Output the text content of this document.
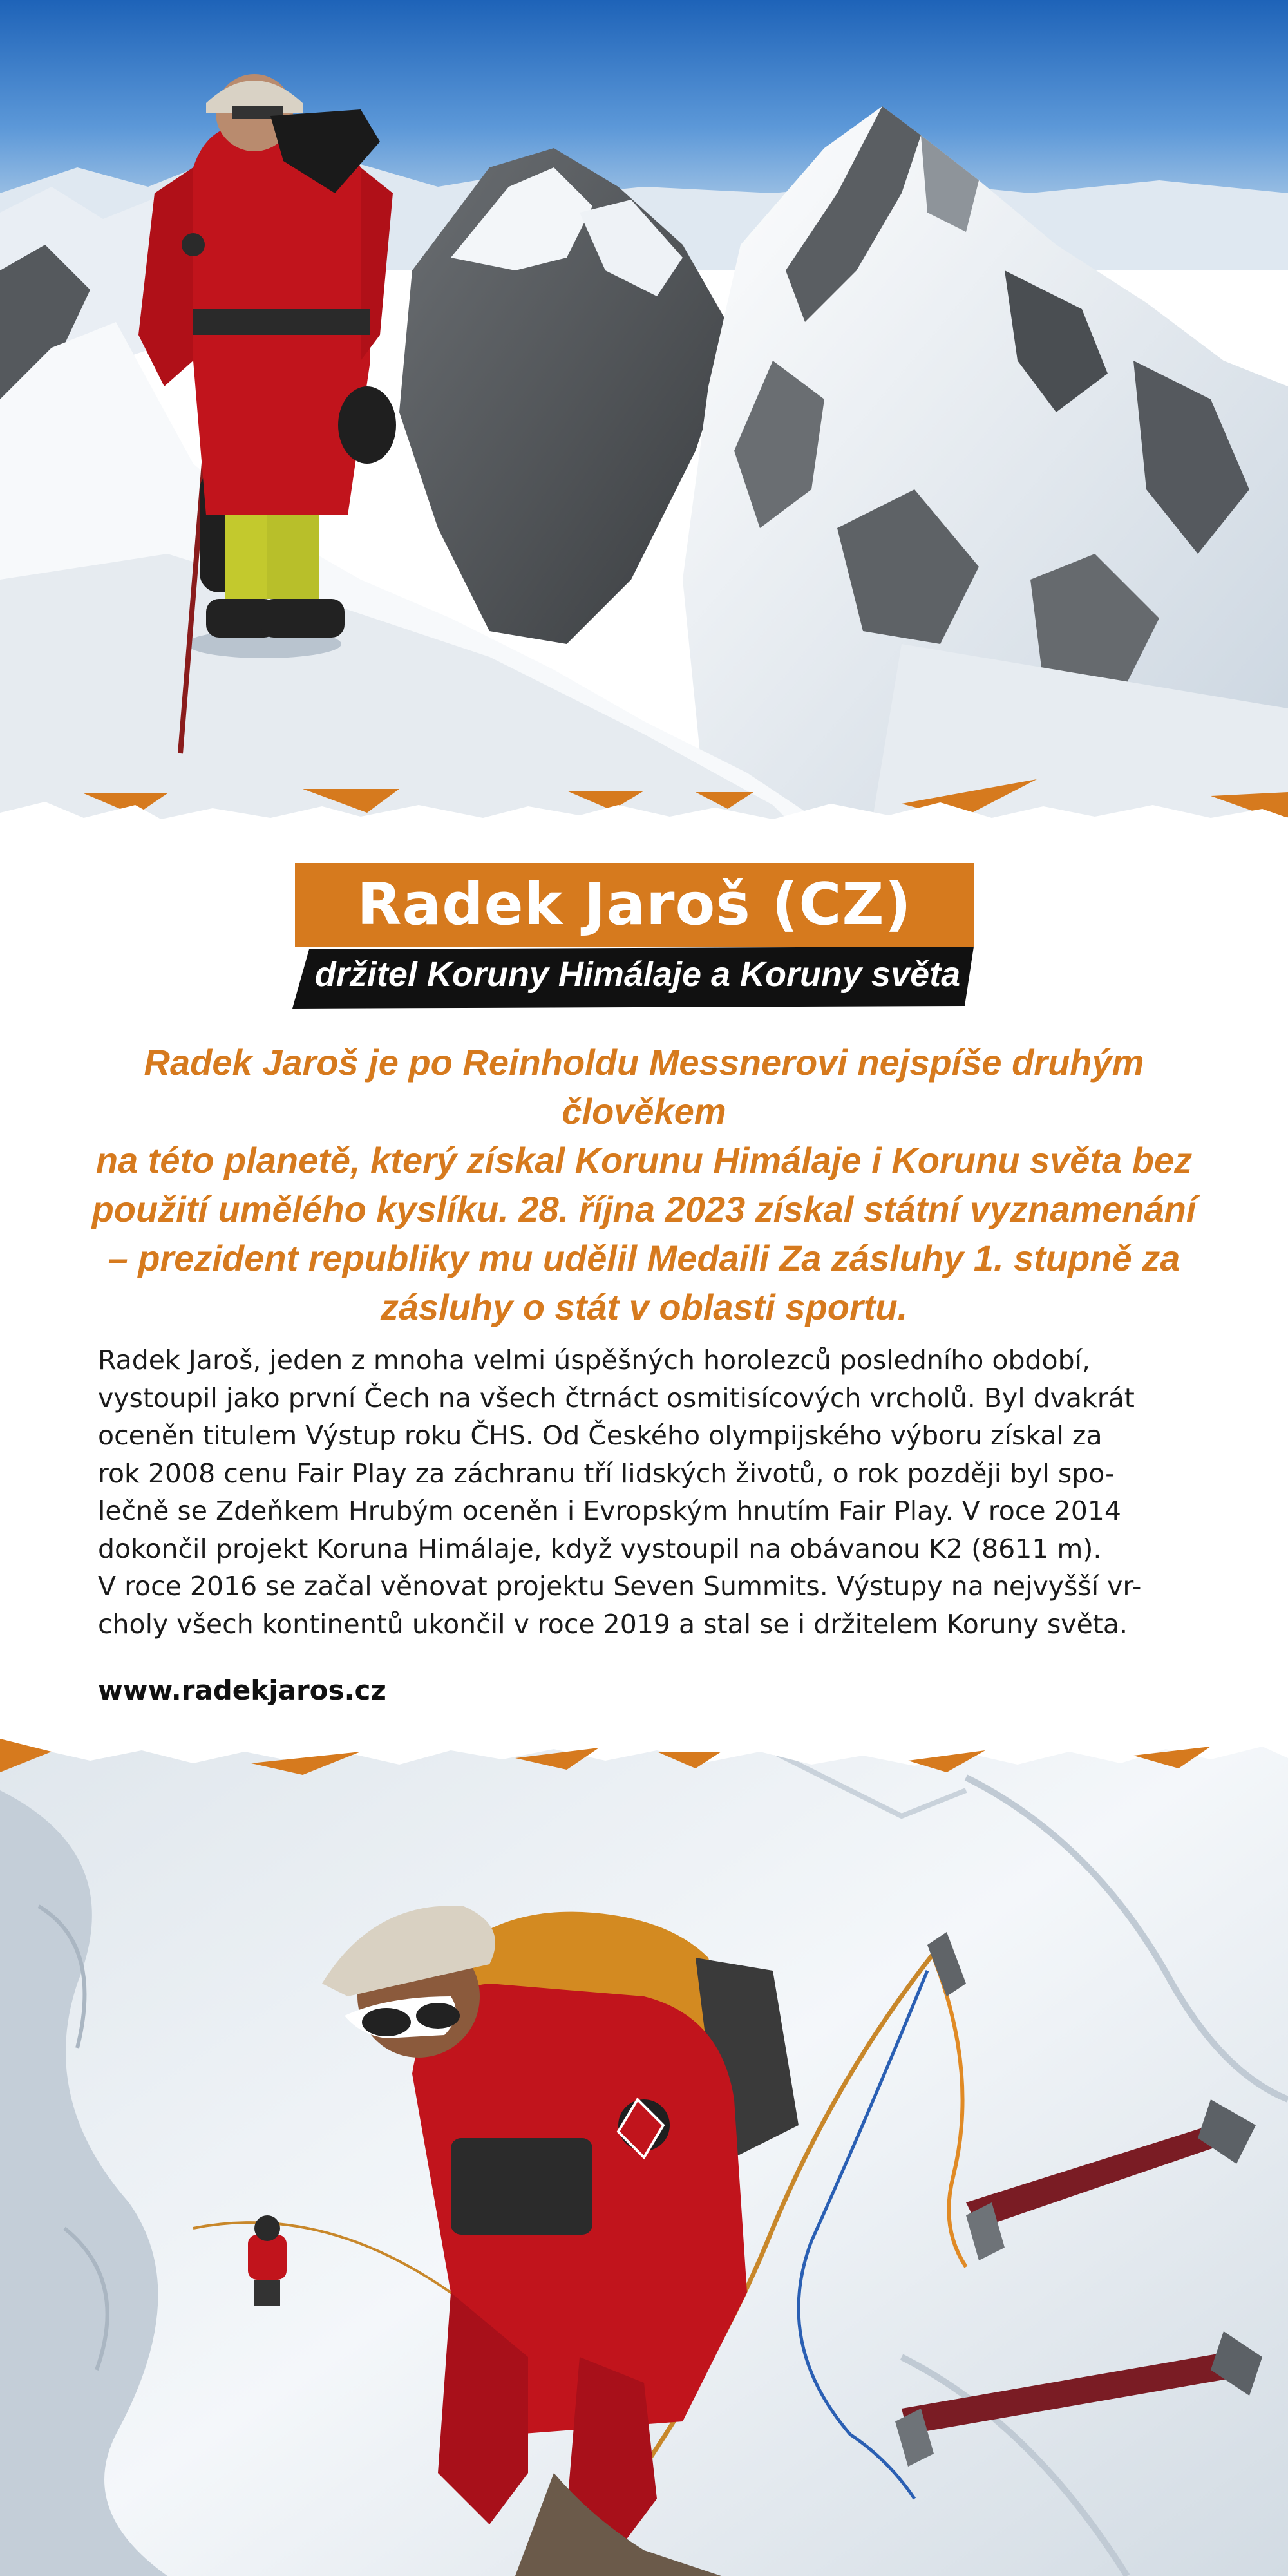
Radek Jaroš (CZ)
držitel Koruny Himálaje a Koruny světa

Radek Jaroš je po Reinholdu Messnerovi nejspíše druhým člověkem
na této planetě, který získal Korunu Himálaje i Korunu světa bez
použití umělého kyslíku. 28. října 2023 získal státní vyznamenání
– prezident republiky mu udělil Medaili Za zásluhy 1. stupně za
zásluhy o stát v oblasti sportu.

Radek Jaroš, jeden z mnoha velmi úspěšných horolezců posledního období,
vystoupil jako první Čech na všech čtrnáct osmitisícových vrcholů. Byl dvakrát
oceněn titulem Výstup roku ČHS. Od Českého olympijského výboru získal za
rok 2008 cenu Fair Play za záchranu tří lidských životů, o rok později byl spo-
lečně se Zdeňkem Hrubým oceněn i Evropským hnutím Fair Play. V roce 2014
dokončil projekt Koruna Himálaje, když vystoupil na obávanou K2 (8611 m).
V roce 2016 se začal věnovat projektu Seven Summits. Výstupy na nejvyšší vr-
choly všech kontinentů ukončil v roce 2019 a stal se i držitelem Koruny světa.

www.radekjaros.cz
